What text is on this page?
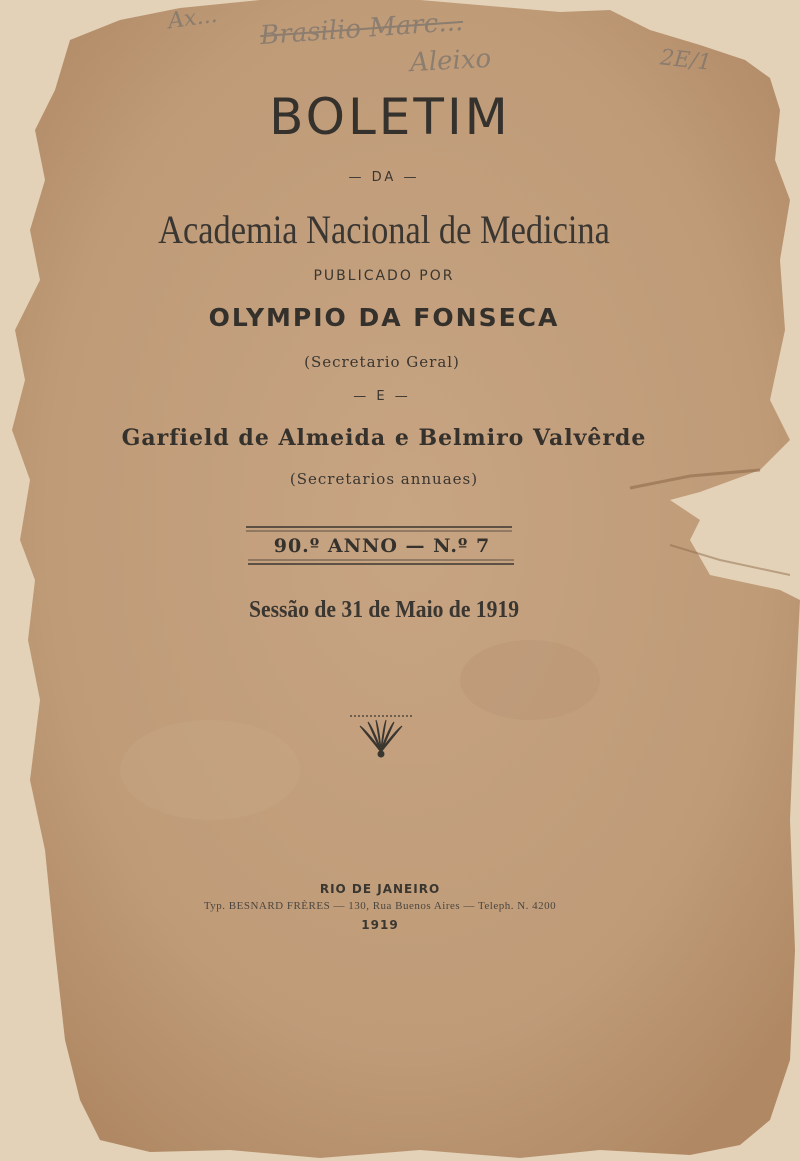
Ax... Brasilio Marc...
Aleixo	2E/1
BOLETIM
— DA —
Academia Nacional de Medicina
PUBLICADO POR
OLYMPIO DA FONSECA
(Secretario Geral)
— E —
Garfield de Almeida e Belmiro Valvêrde
(Secretarios annuaes)
90.º ANNO — N.º 7
Sessão de 31 de Maio de 1919
RIO DE JANEIRO
Typ. BESNARD FRÈRES — 130, Rua Buenos Aires — Teleph. N. 4200
1919
